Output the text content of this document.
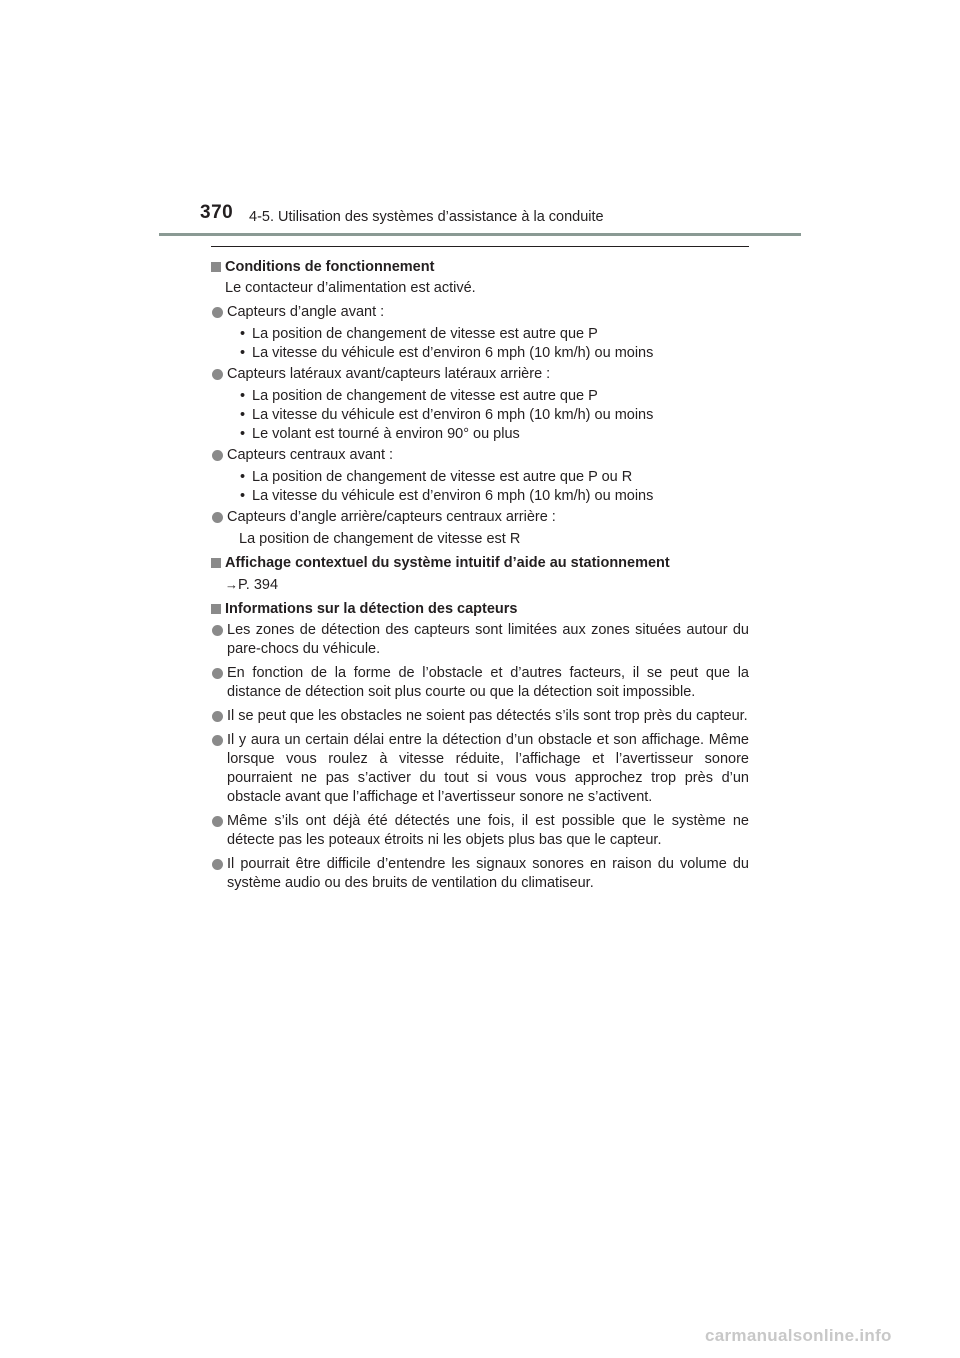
370 4-5. Utilisation des systèmes d’assistance à la conduite
Conditions de fonctionnement
Le contacteur d’alimentation est activé.
Capteurs d’angle avant :
• La position de changement de vitesse est autre que P
• La vitesse du véhicule est d’environ 6 mph (10 km/h) ou moins
Capteurs latéraux avant/capteurs latéraux arrière :
• La position de changement de vitesse est autre que P
• La vitesse du véhicule est d’environ 6 mph (10 km/h) ou moins
• Le volant est tourné à environ 90° ou plus
Capteurs centraux avant :
• La position de changement de vitesse est autre que P ou R
• La vitesse du véhicule est d’environ 6 mph (10 km/h) ou moins
Capteurs d’angle arrière/capteurs centraux arrière :
La position de changement de vitesse est R
Affichage contextuel du système intuitif d’aide au stationnement
→P. 394
Informations sur la détection des capteurs
Les zones de détection des capteurs sont limitées aux zones situées autour du pare-chocs du véhicule.
En fonction de la forme de l’obstacle et d’autres facteurs, il se peut que la distance de détection soit plus courte ou que la détection soit impossible.
Il se peut que les obstacles ne soient pas détectés s’ils sont trop près du capteur.
Il y aura un certain délai entre la détection d’un obstacle et son affichage. Même lorsque vous roulez à vitesse réduite, l’affichage et l’avertisseur sonore pourraient ne pas s’activer du tout si vous vous approchez trop près d’un obstacle avant que l’affichage et l’avertisseur sonore ne s’activent.
Même s’ils ont déjà été détectés une fois, il est possible que le système ne détecte pas les poteaux étroits ni les objets plus bas que le capteur.
Il pourrait être difficile d’entendre les signaux sonores en raison du volume du système audio ou des bruits de ventilation du climatiseur.
carmanualsonline.info
